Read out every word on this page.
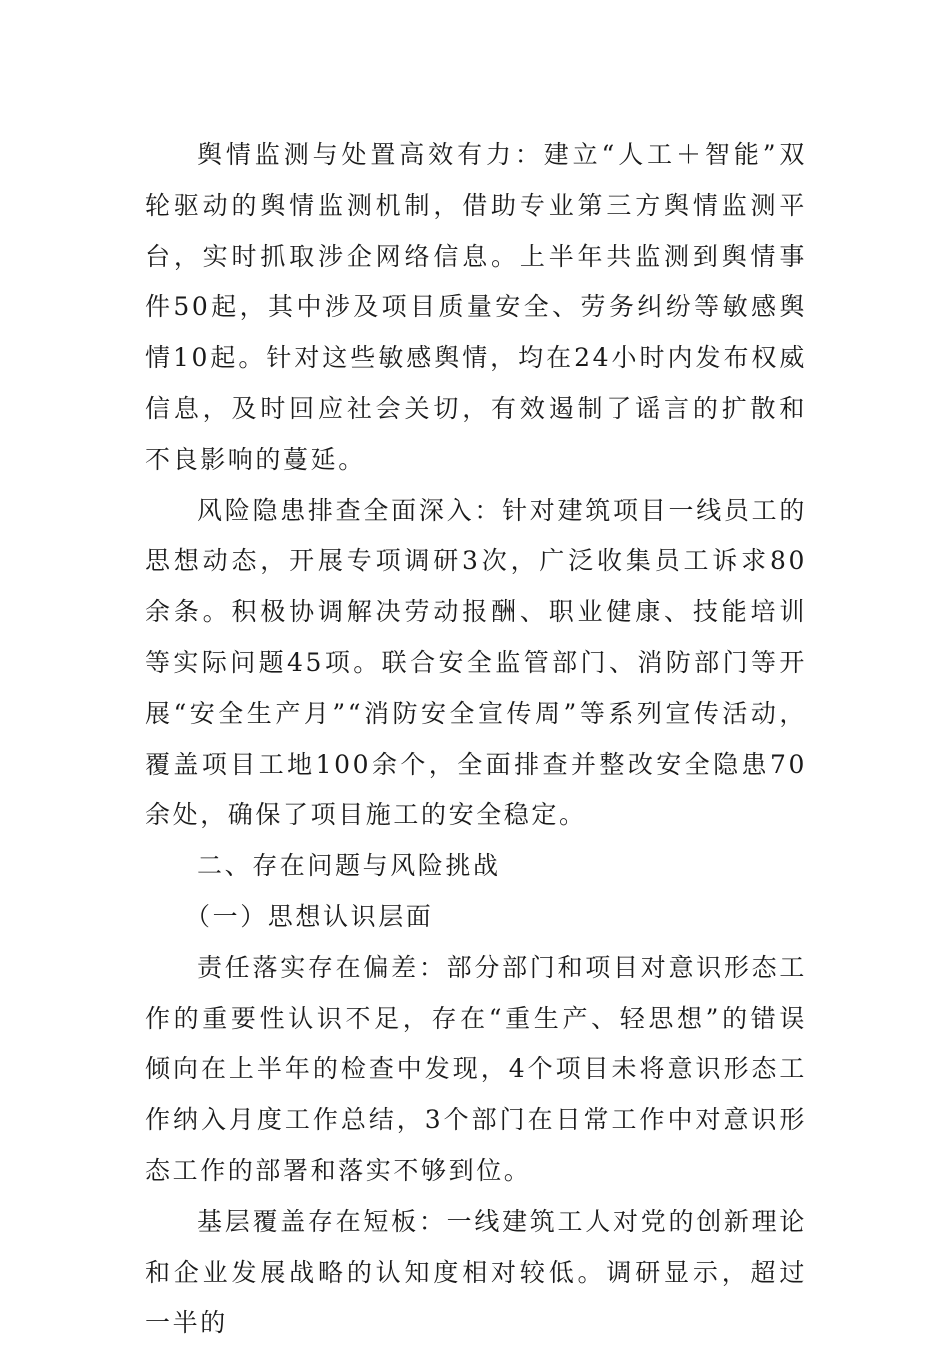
舆情监测与处置高效有力：建立“人工＋智能”双轮驱动的舆情监测机制，借助专业第三方舆情监测平台，实时抓取涉企网络信息。上半年共监测到舆情事件50起，其中涉及项目质量安全、劳务纠纷等敏感舆情10起。针对这些敏感舆情，均在24小时内发布权威信息，及时回应社会关切，有效遏制了谣言的扩散和不良影响的蔓延。

风险隐患排查全面深入：针对建筑项目一线员工的思想动态，开展专项调研3次，广泛收集员工诉求80余条。积极协调解决劳动报酬、职业健康、技能培训等实际问题45项。联合安全监管部门、消防部门等开展“安全生产月”“消防安全宣传周”等系列宣传活动，覆盖项目工地100余个，全面排查并整改安全隐患70余处，确保了项目施工的安全稳定。

二、存在问题与风险挑战

（一）思想认识层面

责任落实存在偏差：部分部门和项目对意识形态工作的重要性认识不足，存在“重生产、轻思想”的错误倾向在上半年的检查中发现，4个项目未将意识形态工作纳入月度工作总结，3个部门在日常工作中对意识形态工作的部署和落实不够到位。

基层覆盖存在短板：一线建筑工人对党的创新理论和企业发展战略的认知度相对较低。调研显示，超过一半的
